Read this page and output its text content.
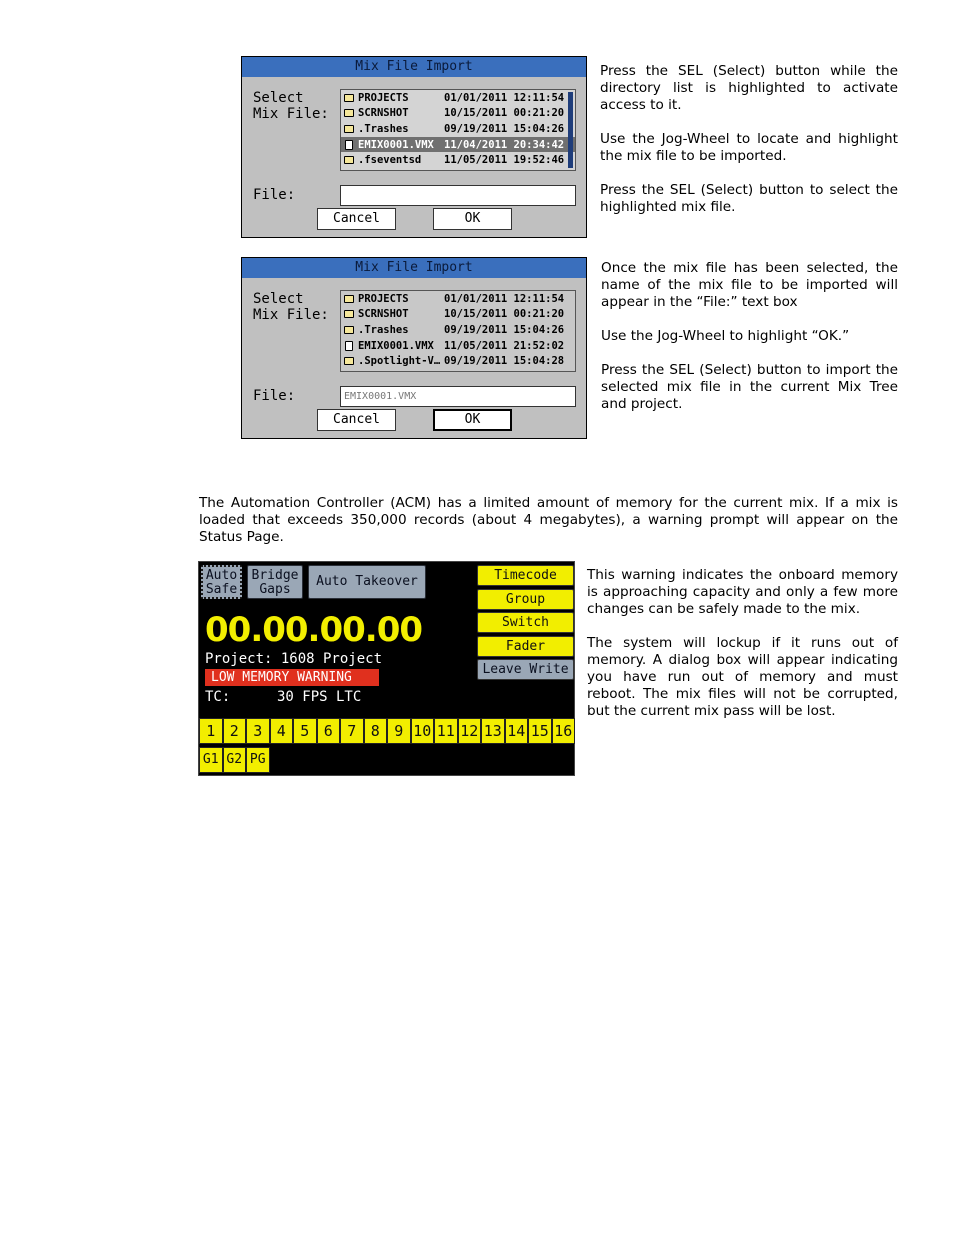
Mix File Import
Select
Mix File:
PROJECTS	01/01/2011 12:11:54
SCRNSHOT	10/15/2011 00:21:20
.Trashes	09/19/2011 15:04:26
EMIX0001.VMX 11/04/2011 20:34:42
.fseventsd	11/05/2011 19:52:46
File:
Cancel	OK

Press the SEL (Select) button while the directory list is highlighted to activate access to it.

Use the Jog-Wheel to locate and highlight the mix file to be imported.

Press the SEL (Select) button to select the highlighted mix file.

Mix File Import
Select
Mix File:
PROJECTS	01/01/2011 12:11:54
SCRNSHOT	10/15/2011 00:21:20
.Trashes	09/19/2011 15:04:26
EMIX0001.VMX 11/05/2011 21:52:02
.Spotlight-V… 09/19/2011 15:04:28
File:	EMIX0001.VMX
Cancel	OK

Once the mix file has been selected, the name of the mix file to be imported will appear in the “File:” text box

Use the Jog-Wheel to highlight “OK.”

Press the SEL (Select) button to import the selected mix file in the current Mix Tree and project.

The Automation Controller (ACM) has a limited amount of memory for the current mix. If a mix is loaded that exceeds 350,000 records (about 4 megabytes), a warning prompt will appear on the Status Page.
Auto
Safe
Bridge
Gaps
Auto Takeover	Timecode
Group
Switch
Fader
Leave Write
00.00.00.00
Project: 1608 Project
LOW MEMORY WARNING
TC:	30 FPS LTC
1 2 3 4 5 6 7 8 9 10 11 12 13 14 15 16
G1 G2 PG

This warning indicates the onboard memory is approaching capacity and only a few more changes can be safely made to the mix.

The system will lockup if it runs out of memory. A dialog box will appear indicating you have run out of memory and must reboot. The mix files will not be corrupted, but the current mix pass will be lost.
